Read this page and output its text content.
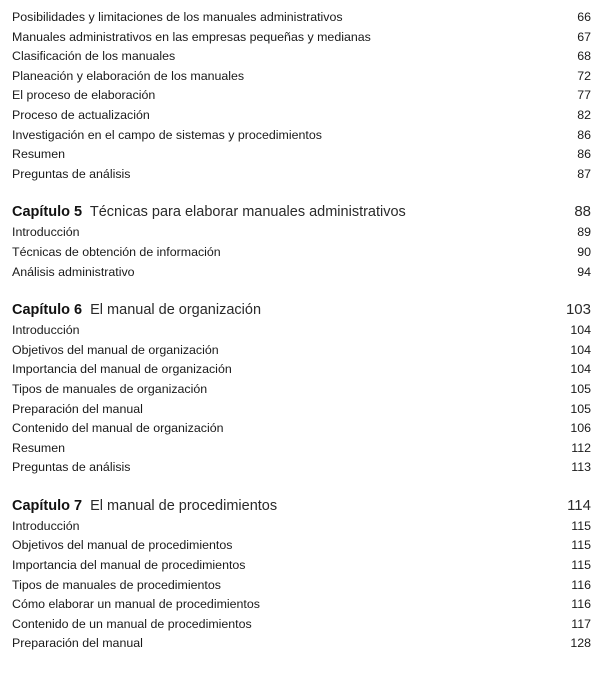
Posibilidades y limitaciones de los manuales administrativos	66
Manuales administrativos en las empresas pequeñas y medianas	67
Clasificación de los manuales	68
Planeación y elaboración de los manuales	72
El proceso de elaboración	77
Proceso de actualización	82
Investigación en el campo de sistemas y procedimientos	86
Resumen	86
Preguntas de análisis	87
Capítulo 5 Técnicas para elaborar manuales administrativos	88
Introducción	89
Técnicas de obtención de información	90
Análisis administrativo	94
Capítulo 6 El manual de organización	103
Introducción	104
Objetivos del manual de organización	104
Importancia del manual de organización	104
Tipos de manuales de organización	105
Preparación del manual	105
Contenido del manual de organización	106
Resumen	112
Preguntas de análisis	113
Capítulo 7 El manual de procedimientos	114
Introducción	115
Objetivos del manual de procedimientos	115
Importancia del manual de procedimientos	115
Tipos de manuales de procedimientos	116
Cómo elaborar un manual de procedimientos	116
Contenido de un manual de procedimientos	117
Preparación del manual	128
